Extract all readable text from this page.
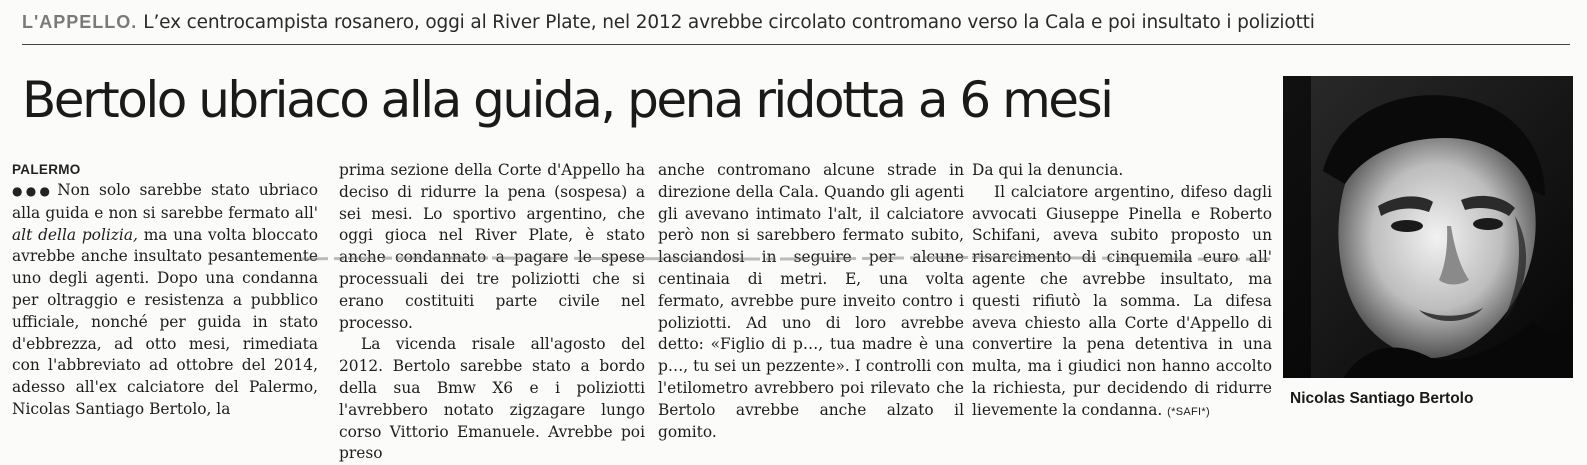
L'APPELLO. L’ex centrocampista rosanero, oggi al River Plate, nel 2012 avrebbe circolato contromano verso la Cala e poi insultato i poliziotti
Bertolo ubriaco alla guida, pena ridotta a 6 mesi
PALERMO

●●● Non solo sarebbe stato ubriaco alla guida e non si sarebbe fermato all' alt della polizia, ma una volta bloccato avrebbe anche insultato pesantemente uno degli agenti. Dopo una condanna per oltraggio e resistenza a pubblico ufficiale, nonché per guida in stato d'ebbrezza, ad otto mesi, rimediata con l'abbreviato ad ottobre del 2014, adesso all'ex calciatore del Palermo, Nicolas Santiago Bertolo, la

prima sezione della Corte d'Appello ha deciso di ridurre la pena (sospesa) a sei mesi. Lo sportivo argentino, che oggi gioca nel River Plate, è stato anche condannato a pagare le spese processuali dei tre poliziotti che si erano costituiti parte civile nel processo.

La vicenda risale all'agosto del 2012. Bertolo sarebbe stato a bordo della sua Bmw X6 e i poliziotti l'avrebbero notato zigzagare lungo corso Vittorio Emanuele. Avrebbe poi preso

anche contromano alcune strade in direzione della Cala. Quando gli agenti gli avevano intimato l'alt, il calciatore però non si sarebbero fermato subito, lasciandosi in seguire per alcune centinaia di metri. E, una volta fermato, avrebbe pure inveito contro i poliziotti. Ad uno di loro avrebbe detto: «Figlio di p…, tua madre è una p…, tu sei un pezzente». I controlli con l'etilometro avrebbero poi rilevato che Bertolo avrebbe anche alzato il gomito.

Da qui la denuncia.

Il calciatore argentino, difeso dagli avvocati Giuseppe Pinella e Roberto Schifani, aveva subito proposto un risarcimento di cinquemila euro all' agente che avrebbe insultato, ma questi rifiutò la somma. La difesa aveva chiesto alla Corte d'Appello di convertire la pena detentiva in una multa, ma i giudici non hanno accolto la richiesta, pur decidendo di ridurre lievemente la condanna. (*SAFI*)

Nicolas Santiago Bertolo
